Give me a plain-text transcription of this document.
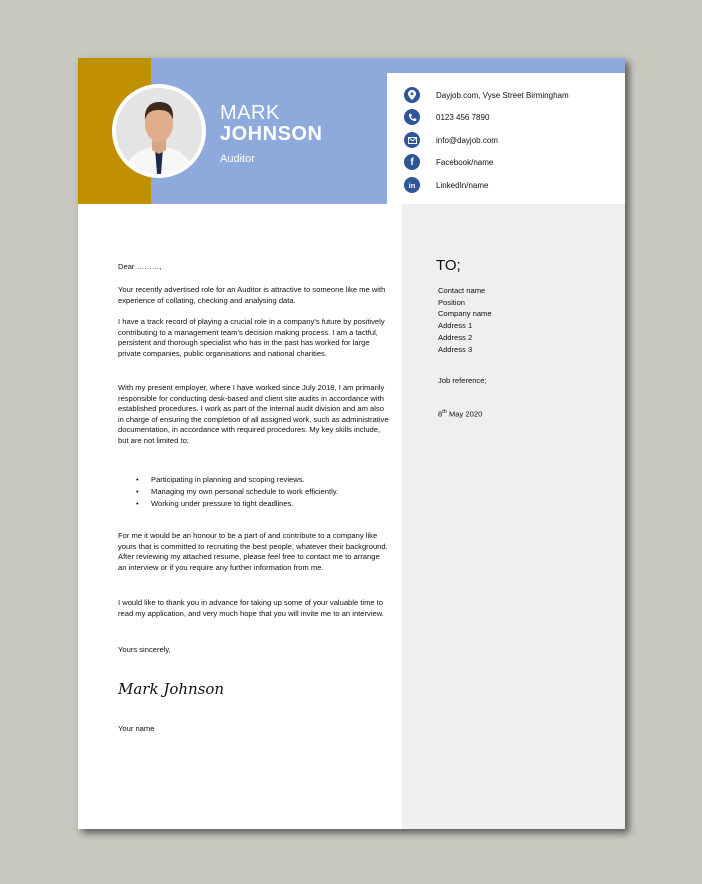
MARK
JOHNSON
Auditor
Dayjob.com, Vyse Street Birmingham
0123 456 7890
info@dayjob.com
f	Facebook/name
in	LinkedIn/name
Dear ………,
Your recently advertised role for an Auditor is attractive to someone like me with experience of collating, checking and analysing data.
I have a track record of playing a crucial role in a company’s future by positively contributing to a management team’s decision making process. I am a tactful, persistent and thorough specialist who has in the past has worked for large private companies, public organisations and national charities.
With my present employer, where I have worked since July 2018, I am primarily responsible for conducting desk-based and client site audits in accordance with established procedures. I work as part of the internal audit division and am also in charge of ensuring the completion of all assigned work, such as administrative documentation, in accordance with required procedures. My key skills include, but are not limited to;
• Participating in planning and scoping reviews.
• Managing my own personal schedule to work efficiently.
• Working under pressure to tight deadlines.
For me it would be an honour to be a part of and contribute to a company like yours that is committed to recruiting the best people, whatever their background. After reviewing my attached resume, please feel free to contact me to arrange an interview or if you require any further information from me.
I would like to thank you in advance for taking up some of your valuable time to read my application, and very much hope that you will invite me to an interview.
Yours sincerely,
Mark Johnson
Your name
TO;
Contact name
Position
Company name
Address 1
Address 2
Address 3
Job reference;
8th May 2020
